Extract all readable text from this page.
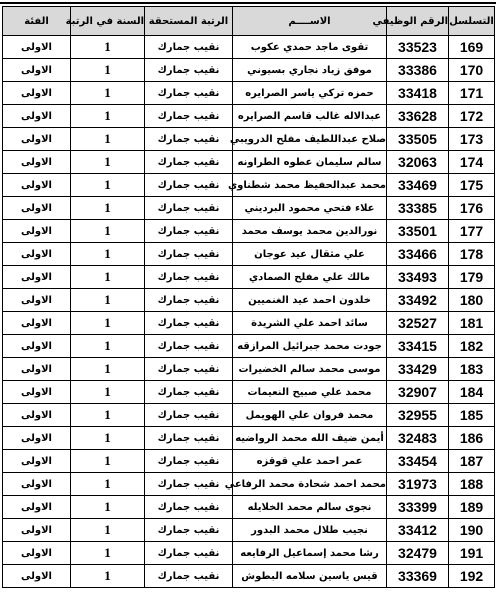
التسلسل	الرقم الوظيفي	الاســــم	الرتبة المستحقة	السنة في الرتبة	الفئة
169	33523	تقوى ماجد حمدي عكوب	نقيب جمارك	1	الاولى
170	33386	موفق زياد نجاري بسيوني	نقيب جمارك	1	الاولى
171	33418	حمزه تركي ياسر الصرايره	نقيب جمارك	1	الاولى
172	33628	عبدالاله غالب قاسم الصرايره	نقيب جمارك	1	الاولى
173	33505	صلاح عبداللطيف مفلح الدرويبي	نقيب جمارك	1	الاولى
174	32063	سالم سليمان عطوه الطراونه	نقيب جمارك	1	الاولى
175	33469	محمد عبدالحفيظ محمد شطناوي	نقيب جمارك	1	الاولى
176	33385	علاء فتحي محمود البرديني	نقيب جمارك	1	الاولى
177	33501	نورالدين محمد يوسف محمد	نقيب جمارك	1	الاولى
178	33466	علي مثقال عيد عوجان	نقيب جمارك	1	الاولى
179	33493	مالك علي مفلح الصمادي	نقيب جمارك	1	الاولى
180	33492	خلدون احمد عيد الغنميين	نقيب جمارك	1	الاولى
181	32527	سائد احمد علي الشريدة	نقيب جمارك	1	الاولى
182	33415	جودت محمد جبرائيل المرازقه	نقيب جمارك	1	الاولى
183	33429	موسى محمد سالم الخضيرات	نقيب جمارك	1	الاولى
184	32907	محمد علي صبيح النعيمات	نقيب جمارك	1	الاولى
185	32955	محمد فروان علي الهويمل	نقيب جمارك	1	الاولى
186	32483	أيمن ضيف الله محمد الرواضيه	نقيب جمارك	1	الاولى
187	33454	عمر احمد علي قوقزه	نقيب جمارك	1	الاولى
188	31973	محمد احمد شحادة محمد الرفاعي	نقيب جمارك	1	الاولى
189	33399	نجوى سالم محمد الخلايله	نقيب جمارك	1	الاولى
190	33412	نجيب طلال محمد البدور	نقيب جمارك	1	الاولى
191	32479	رشا محمد إسماعيل الرفايعه	نقيب جمارك	1	الاولى
192	33369	قيس ياسين سلامه البطوش	نقيب جمارك	1	الاولى
